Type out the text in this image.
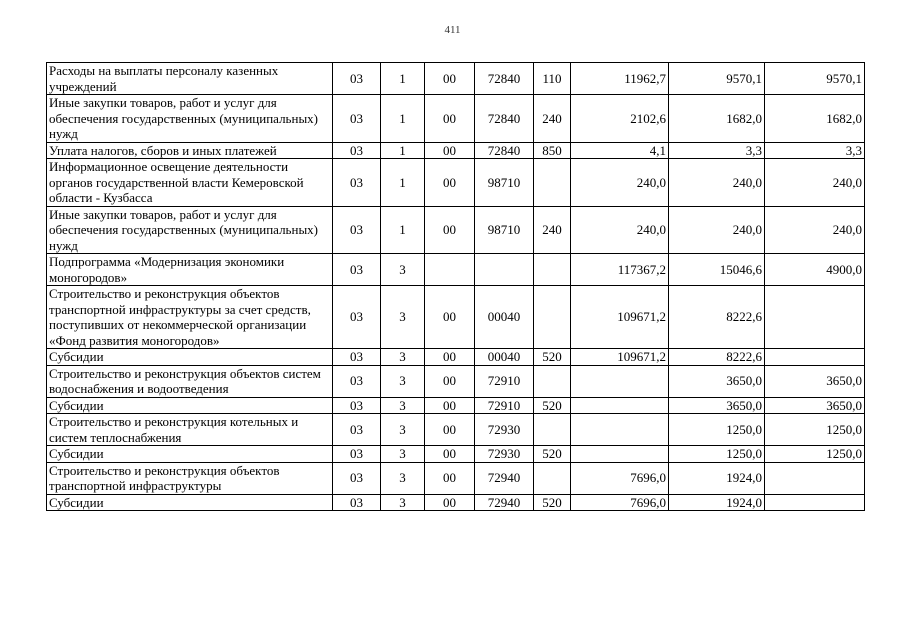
411
Расходы на выплаты персоналу казенных учреждений	03	1	00	72840	110	11962,7	9570,1	9570,1
Иные закупки товаров, работ и услуг для обеспечения государственных (муниципальных) нужд	03	1	00	72840	240	2102,6	1682,0	1682,0
Уплата налогов, сборов и иных платежей	03	1	00	72840	850	4,1	3,3	3,3
Информационное освещение деятельности органов государственной власти Кемеровской области - Кузбасса	03	1	00	98710		240,0	240,0	240,0
Иные закупки товаров, работ и услуг для обеспечения государственных (муниципальных) нужд	03	1	00	98710	240	240,0	240,0	240,0
Подпрограмма «Модернизация экономики моногородов»	03	3				117367,2	15046,6	4900,0
Строительство и реконструкция объектов транспортной инфраструктуры за счет средств, поступивших от некоммерческой организации «Фонд развития моногородов»	03	3	00	00040		109671,2	8222,6	
Субсидии	03	3	00	00040	520	109671,2	8222,6	
Строительство и реконструкция объектов систем водоснабжения и водоотведения	03	3	00	72910			3650,0	3650,0
Субсидии	03	3	00	72910	520		3650,0	3650,0
Строительство и реконструкция котельных и систем теплоснабжения	03	3	00	72930			1250,0	1250,0
Субсидии	03	3	00	72930	520		1250,0	1250,0
Строительство и реконструкция объектов транспортной инфраструктуры	03	3	00	72940		7696,0	1924,0	
Субсидии	03	3	00	72940	520	7696,0	1924,0	
